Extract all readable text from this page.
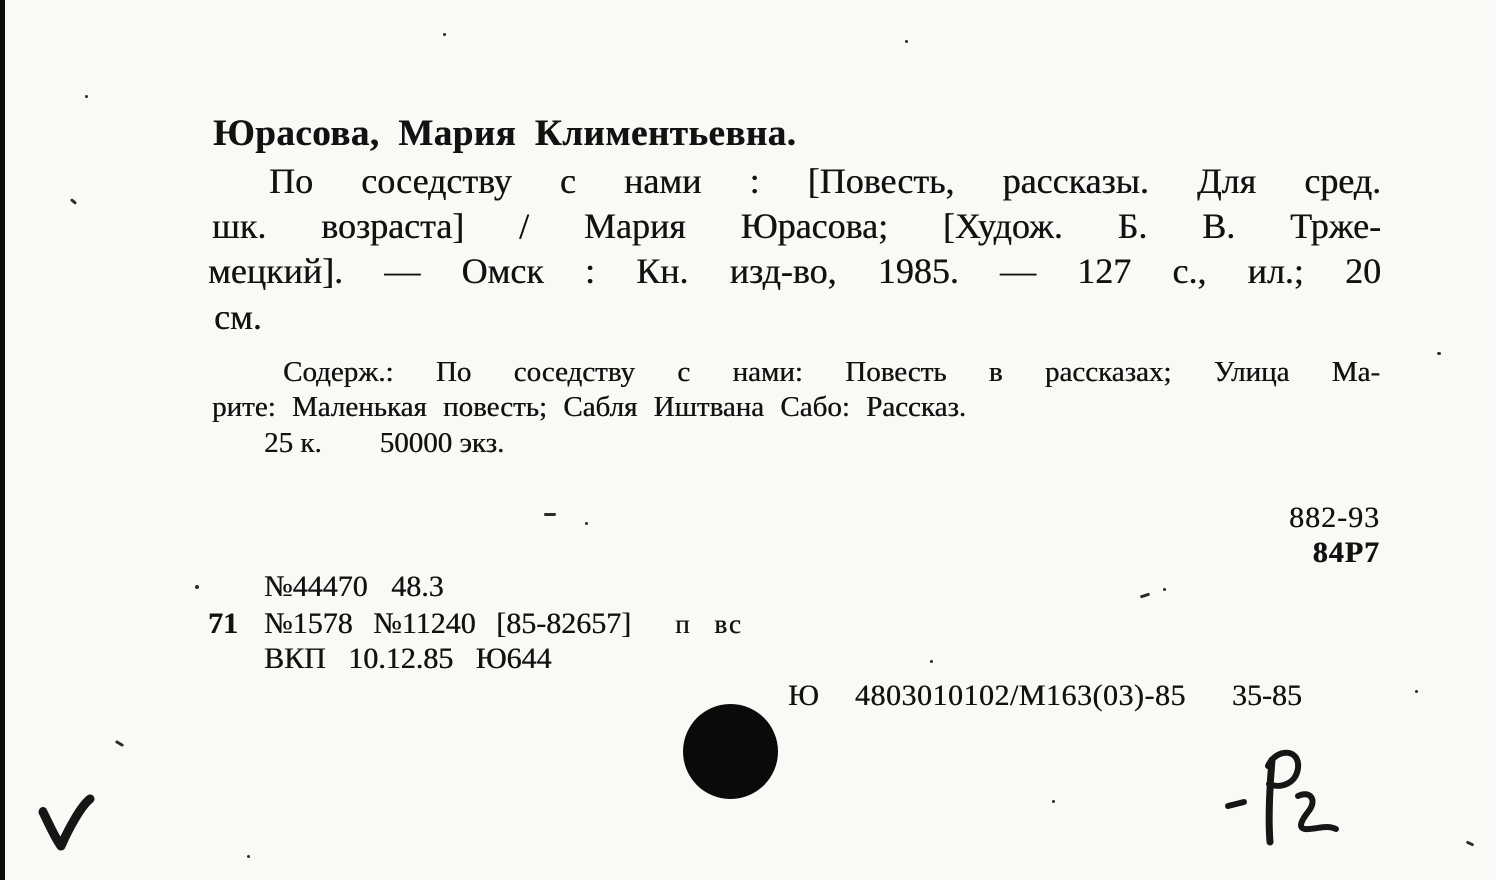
Юрасова, Мария Климентьевна.
По соседству с нами : [Повесть, рассказы. Для сред.
шк. возраста] / Мария Юрасова; [Худож. Б. В. Трже-
мецкий]. — Омск : Кн. изд-во, 1985. — 127 с., ил.; 20
см.
Содерж.: По соседству с нами: Повесть в рассказах; Улица Ма-
рите: Маленькая повесть; Сабля Иштвана Сабо: Рассказ.
25 к. 50000 экз.
882-93
84Р7
№44470 48.3
71 №1578 №11240 [85-82657] п вс
ВКП 10.12.85 Ю644
Ю 4803010102/М163(03)-85 35-85
